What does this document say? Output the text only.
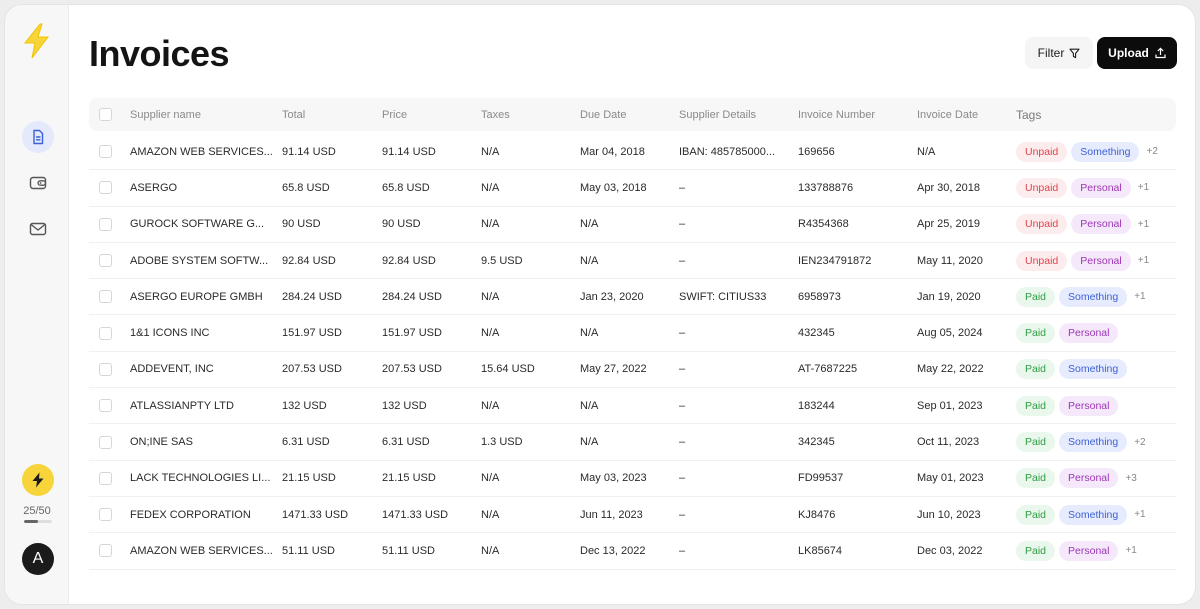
25/50
A
Invoices	Filter	Upload
Supplier name	Total	Price	Taxes	Due Date	Supplier Details	Invoice Number	Invoice Date	Tags
AMAZON WEB SERVICES... 91.14 USD	91.14 USD	N/A	Mar 04, 2018	IBAN: 485785000...	169656	N/A	Unpaid	Something	+2
ASERGO	65.8 USD	65.8 USD	N/A	May 03, 2018	–	133788876	Apr 30, 2018	Unpaid	Personal	+1
GUROCK SOFTWARE G...	90 USD	90 USD	N/A	N/A	–	R4354368	Apr 25, 2019	Unpaid	Personal	+1
ADOBE SYSTEM SOFTW...	92.84 USD	92.84 USD	9.5 USD	N/A	–	IEN234791872	May 11, 2020	Unpaid	Personal	+1
ASERGO EUROPE GMBH	284.24 USD	284.24 USD	N/A	Jan 23, 2020	SWIFT: CITIUS33	6958973	Jan 19, 2020	Paid	Something	+1
1&1 ICONS INC	151.97 USD	151.97 USD	N/A	N/A	–	432345	Aug 05, 2024	Paid	Personal
ADDEVENT, INC	207.53 USD	207.53 USD	15.64 USD	May 27, 2022	–	AT-7687225	May 22, 2022	Paid	Something
ATLASSIANPTY LTD	132 USD	132 USD	N/A	N/A	–	183244	Sep 01, 2023	Paid	Personal
ON;INE SAS	6.31 USD	6.31 USD	1.3 USD	N/A	–	342345	Oct 11, 2023	Paid	Something	+2
LACK TECHNOLOGIES LI...	21.15 USD	21.15 USD	N/A	May 03, 2023	–	FD99537	May 01, 2023	Paid	Personal	+3
FEDEX CORPORATION	1471.33 USD	1471.33 USD	N/A	Jun 11, 2023	–	KJ8476	Jun 10, 2023	Paid	Something	+1
AMAZON WEB SERVICES... 51.11 USD	51.11 USD	N/A	Dec 13, 2022	–	LK85674	Dec 03, 2022	Paid	Personal	+1
